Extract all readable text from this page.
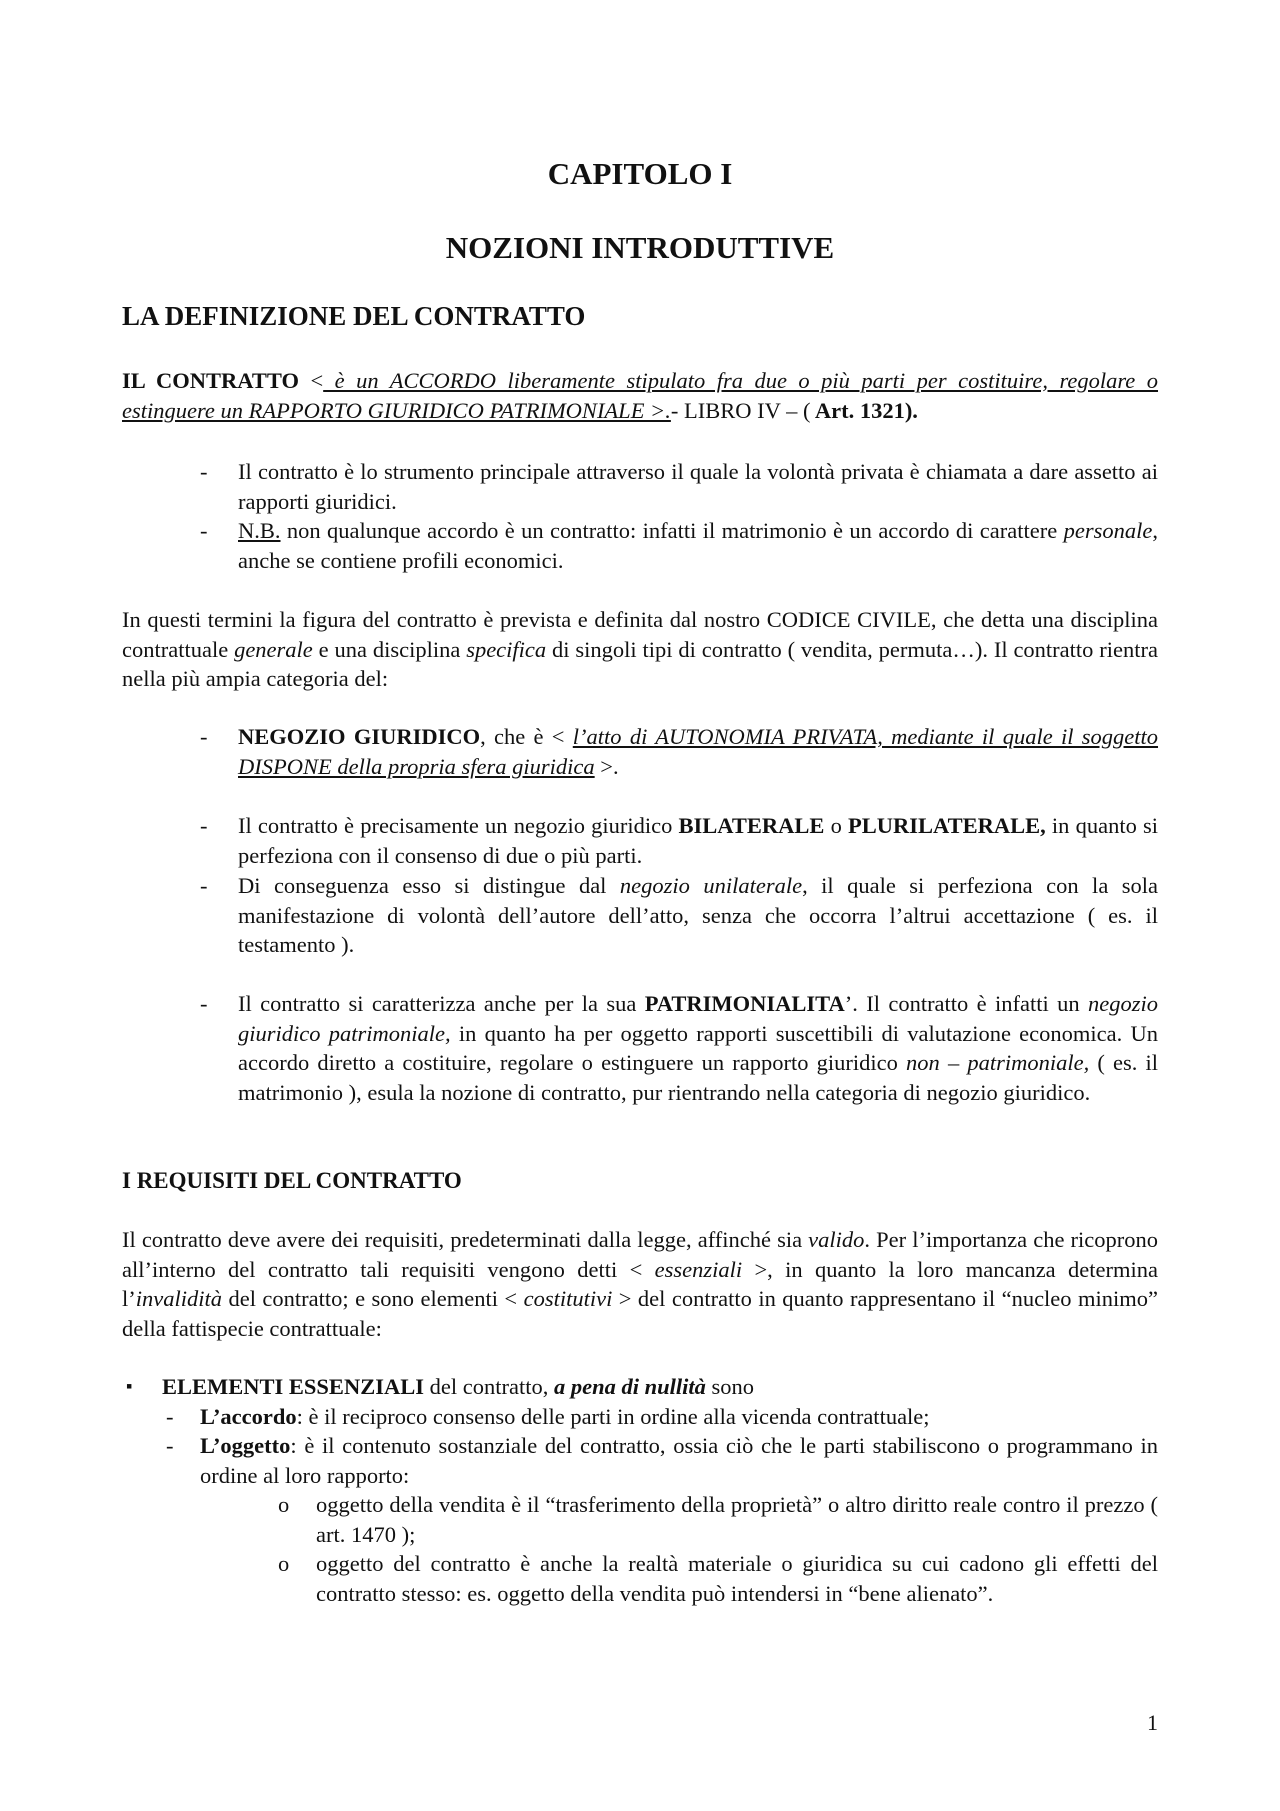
CAPITOLO I
NOZIONI INTRODUTTIVE
LA DEFINIZIONE DEL CONTRATTO
IL CONTRATTO < è un ACCORDO liberamente stipulato fra due o più parti per costituire, regolare o estinguere un RAPPORTO GIURIDICO PATRIMONIALE >.- LIBRO IV – ( Art. 1321).
- Il contratto è lo strumento principale attraverso il quale la volontà privata è chiamata a dare assetto ai rapporti giuridici.
- N.B. non qualunque accordo è un contratto: infatti il matrimonio è un accordo di carattere personale, anche se contiene profili economici.
In questi termini la figura del contratto è prevista e definita dal nostro CODICE CIVILE, che detta una disciplina contrattuale generale e una disciplina specifica di singoli tipi di contratto ( vendita, permuta…). Il contratto rientra nella più ampia categoria del:
- NEGOZIO GIURIDICO, che è < l’atto di AUTONOMIA PRIVATA, mediante il quale il soggetto DISPONE della propria sfera giuridica >.
- Il contratto è precisamente un negozio giuridico BILATERALE o PLURILATERALE, in quanto si perfeziona con il consenso di due o più parti.
- Di conseguenza esso si distingue dal negozio unilaterale, il quale si perfeziona con la sola manifestazione di volontà dell’autore dell’atto, senza che occorra l’altrui accettazione ( es. il testamento ).
- Il contratto si caratterizza anche per la sua PATRIMONIALITA’. Il contratto è infatti un negozio giuridico patrimoniale, in quanto ha per oggetto rapporti suscettibili di valutazione economica. Un accordo diretto a costituire, regolare o estinguere un rapporto giuridico non – patrimoniale, ( es. il matrimonio ), esula la nozione di contratto, pur rientrando nella categoria di negozio giuridico.
I REQUISITI DEL CONTRATTO
Il contratto deve avere dei requisiti, predeterminati dalla legge, affinché sia valido. Per l’importanza che ricoprono all’interno del contratto tali requisiti vengono detti < essenziali >, in quanto la loro mancanza determina l’invalidità del contratto; e sono elementi < costitutivi > del contratto in quanto rappresentano il “nucleo minimo” della fattispecie contrattuale:
▪ ELEMENTI ESSENZIALI del contratto, a pena di nullità sono
- L’accordo: è il reciproco consenso delle parti in ordine alla vicenda contrattuale;
- L’oggetto: è il contenuto sostanziale del contratto, ossia ciò che le parti stabiliscono o programmano in ordine al loro rapporto:
o oggetto della vendita è il “trasferimento della proprietà” o altro diritto reale contro il prezzo ( art. 1470 );
o oggetto del contratto è anche la realtà materiale o giuridica su cui cadono gli effetti del contratto stesso: es. oggetto della vendita può intendersi in “bene alienato”.
1
